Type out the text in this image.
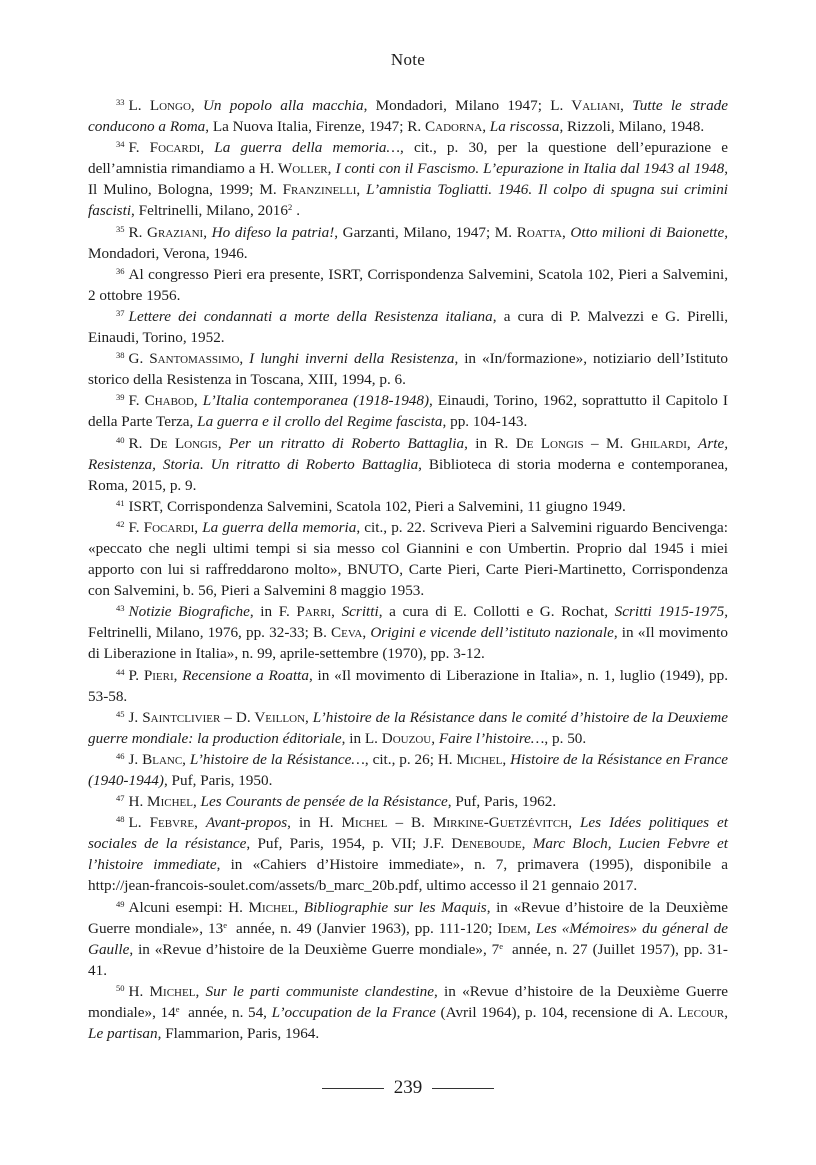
Note

$^{33}$ L. Longo, Un popolo alla macchia, Mondadori, Milano 1947; L. Valiani, Tutte le strade conducono a Roma, La Nuova Italia, Firenze, 1947; R. Cadorna, La riscossa, Rizzoli, Milano, 1948.

$^{34}$ F. Focardi, La guerra della memoria…, cit., p. 30, per la questione dell’epurazione e dell’amnistia rimandiamo a H. Woller, I conti con il Fascismo. L’epurazione in Italia dal 1943 al 1948, Il Mulino, Bologna, 1999; M. Franzinelli, L’amnistia Togliatti. 1946. Il colpo di spugna sui crimini fascisti, Feltrinelli, Milano, 2016$^2$ .

$^{35}$ R. Graziani, Ho difeso la patria!, Garzanti, Milano, 1947; M. Roatta, Otto milioni di Baionette, Mondadori, Verona, 1946.

$^{36}$ Al congresso Pieri era presente, ISRT, Corrispondenza Salvemini, Scatola 102, Pieri a Salvemini, 2 ottobre 1956.

$^{37}$ Lettere dei condannati a morte della Resistenza italiana, a cura di P. Malvezzi e G. Pirelli, Einaudi, Torino, 1952.

$^{38}$ G. Santomassimo, I lunghi inverni della Resistenza, in «In/formazione», notiziario dell’Istituto storico della Resistenza in Toscana, XIII, 1994, p. 6.

$^{39}$ F. Chabod, L’Italia contemporanea (1918-1948), Einaudi, Torino, 1962, soprattutto il Capitolo I della Parte Terza, La guerra e il crollo del Regime fascista, pp. 104-143.

$^{40}$ R. De Longis, Per un ritratto di Roberto Battaglia, in R. De Longis – M. Ghilardi, Arte, Resistenza, Storia. Un ritratto di Roberto Battaglia, Biblioteca di storia moderna e contemporanea, Roma, 2015, p. 9.

$^{41}$ ISRT, Corrispondenza Salvemini, Scatola 102, Pieri a Salvemini, 11 giugno 1949.

$^{42}$ F. Focardi, La guerra della memoria, cit., p. 22. Scriveva Pieri a Salvemini riguardo Bencivenga: «peccato che negli ultimi tempi si sia messo col Giannini e con Umbertin. Proprio dal 1945 i miei apporto con lui si raffreddarono molto», BNUTO, Carte Pieri, Carte Pieri-Martinetto, Corrispondenza con Salvemini, b. 56, Pieri a Salvemini 8 maggio 1953.

$^{43}$ Notizie Biografiche, in F. Parri, Scritti, a cura di E. Collotti e G. Rochat, Scritti 1915-1975, Feltrinelli, Milano, 1976, pp. 32-33; B. Ceva, Origini e vicende dell’istituto nazionale, in «Il movimento di Liberazione in Italia», n. 99, aprile-settembre (1970), pp. 3-12.

$^{44}$ P. Pieri, Recensione a Roatta, in «Il movimento di Liberazione in Italia», n. 1, luglio (1949), pp. 53-58.

$^{45}$ J. Saintclivier – D. Veillon, L’histoire de la Résistance dans le comité d’histoire de la Deuxieme guerre mondiale: la production éditoriale, in L. Douzou, Faire l’histoire…, p. 50.

$^{46}$ J. Blanc, L’histoire de la Résistance…, cit., p. 26; H. Michel, Histoire de la Résistance en France (1940-1944), Puf, Paris, 1950.

$^{47}$ H. Michel, Les Courants de pensée de la Résistance, Puf, Paris, 1962.

$^{48}$ L. Febvre, Avant-propos, in H. Michel – B. Mirkine-Guetzévitch, Les Idées politiques et sociales de la résistance, Puf, Paris, 1954, p. VII; J.F. Deneboude, Marc Bloch, Lucien Febvre et l’histoire immediate, in «Cahiers d’Histoire immediate», n. 7, primavera (1995), disponibile a http://jean-francois-soulet.com/assets/b_marc_20b.pdf, ultimo accesso il 21 gennaio 2017.

$^{49}$ Alcuni esempi: H. Michel, Bibliographie sur les Maquis, in «Revue d’histoire de la Deuxième Guerre mondiale», 13e année, n. 49 (Janvier 1963), pp. 111-120; Idem, Les «Mémoires» du géneral de Gaulle, in «Revue d’histoire de la Deuxième Guerre mondiale», 7e année, n. 27 (Juillet 1957), pp. 31-41.

$^{50}$ H. Michel, Sur le parti communiste clandestine, in «Revue d’histoire de la Deuxième Guerre mondiale», 14e année, n. 54, L’occupation de la France (Avril 1964), p. 104, recensione di A. Lecour, Le partisan, Flammarion, Paris, 1964.

239
